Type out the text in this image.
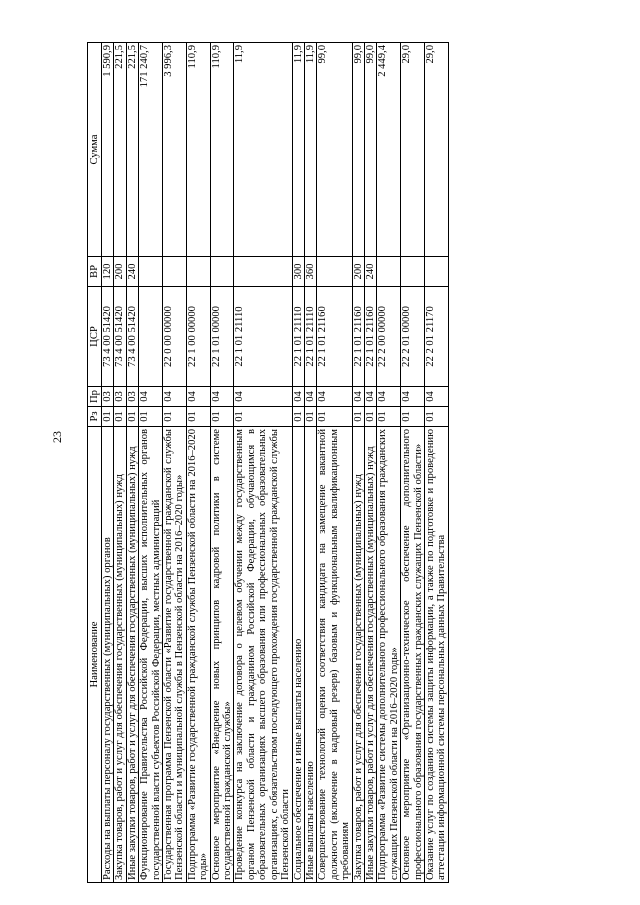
23
Наименование	Рз	Пр	ЦСР	ВР	Сумма
Расходы на выплаты персоналу государственных (муниципальных) органов	01	03	73 4 00 51420	120	1 590,9
Закупка товаров, работ и услуг для обеспечения государственных (муниципальных) нужд	01	03	73 4 00 51420	200	221,5
Иные закупки товаров, работ и услуг для обеспечения государственных (муниципальных) нужд	01	03	73 4 00 51420	240	221,5
Функционирование Правительства Российской Федерации, высших исполнительных органов государственной власти субъектов Российской Федерации, местных администраций	01	04			171 240,7
Государственная программа Пензенской области «Развитие государственной гражданской службы Пензенской области и муниципальной службы в Пензенской области на 2016–2020 годы»	01	04	22 0 00 00000		3 996,3
Подпрограмма «Развитие государственной гражданской службы Пензенской области на 2016–2020 годы»	01	04	22 1 00 00000		110,9
Основное мероприятие «Внедрение новых принципов кадровой политики в системе государственной гражданской службы»	01	04	22 1 01 00000		110,9
Проведение конкурса на заключение договора о целевом обучении между государственным органом Пензенской области и гражданином Российской Федерации, обучающимся в образовательных организациях высшего образования или профессиональных образовательных организациях, с обязательством последующего прохождения государственной гражданской службы Пензенской области	01	04	22 1 01 21110		11,9
Социальное обеспечение и иные выплаты населению	01	04	22 1 01 21110	300	11,9
Иные выплаты населению	01	04	22 1 01 21110	360	11,9
Совершенствование технологий оценки соответствия кандидата на замещение вакантной должности (включение в кадровый резерв) базовым и функциональным квалификационным требованиям	01	04	22 1 01 21160		99,0
Закупка товаров, работ и услуг для обеспечения государственных (муниципальных) нужд	01	04	22 1 01 21160	200	99,0
Иные закупки товаров, работ и услуг для обеспечения государственных (муниципальных) нужд	01	04	22 1 01 21160	240	99,0
Подпрограмма «Развитие системы дополнительного профессионального образования гражданских служащих Пензенской области на 2016–2020 годы»	01	04	22 2 00 00000		2 449,4
Основное мероприятие «Организационно-техническое обеспечение дополнительного профессионального образования государственных гражданских служащих Пензенской области»	01	04	22 2 01 00000		29,0
Оказание услуг по созданию системы защиты информации, а также по подготовке и проведению аттестации информационной системы персональных данных Правительства	01	04	22 2 01 21170		29,0
